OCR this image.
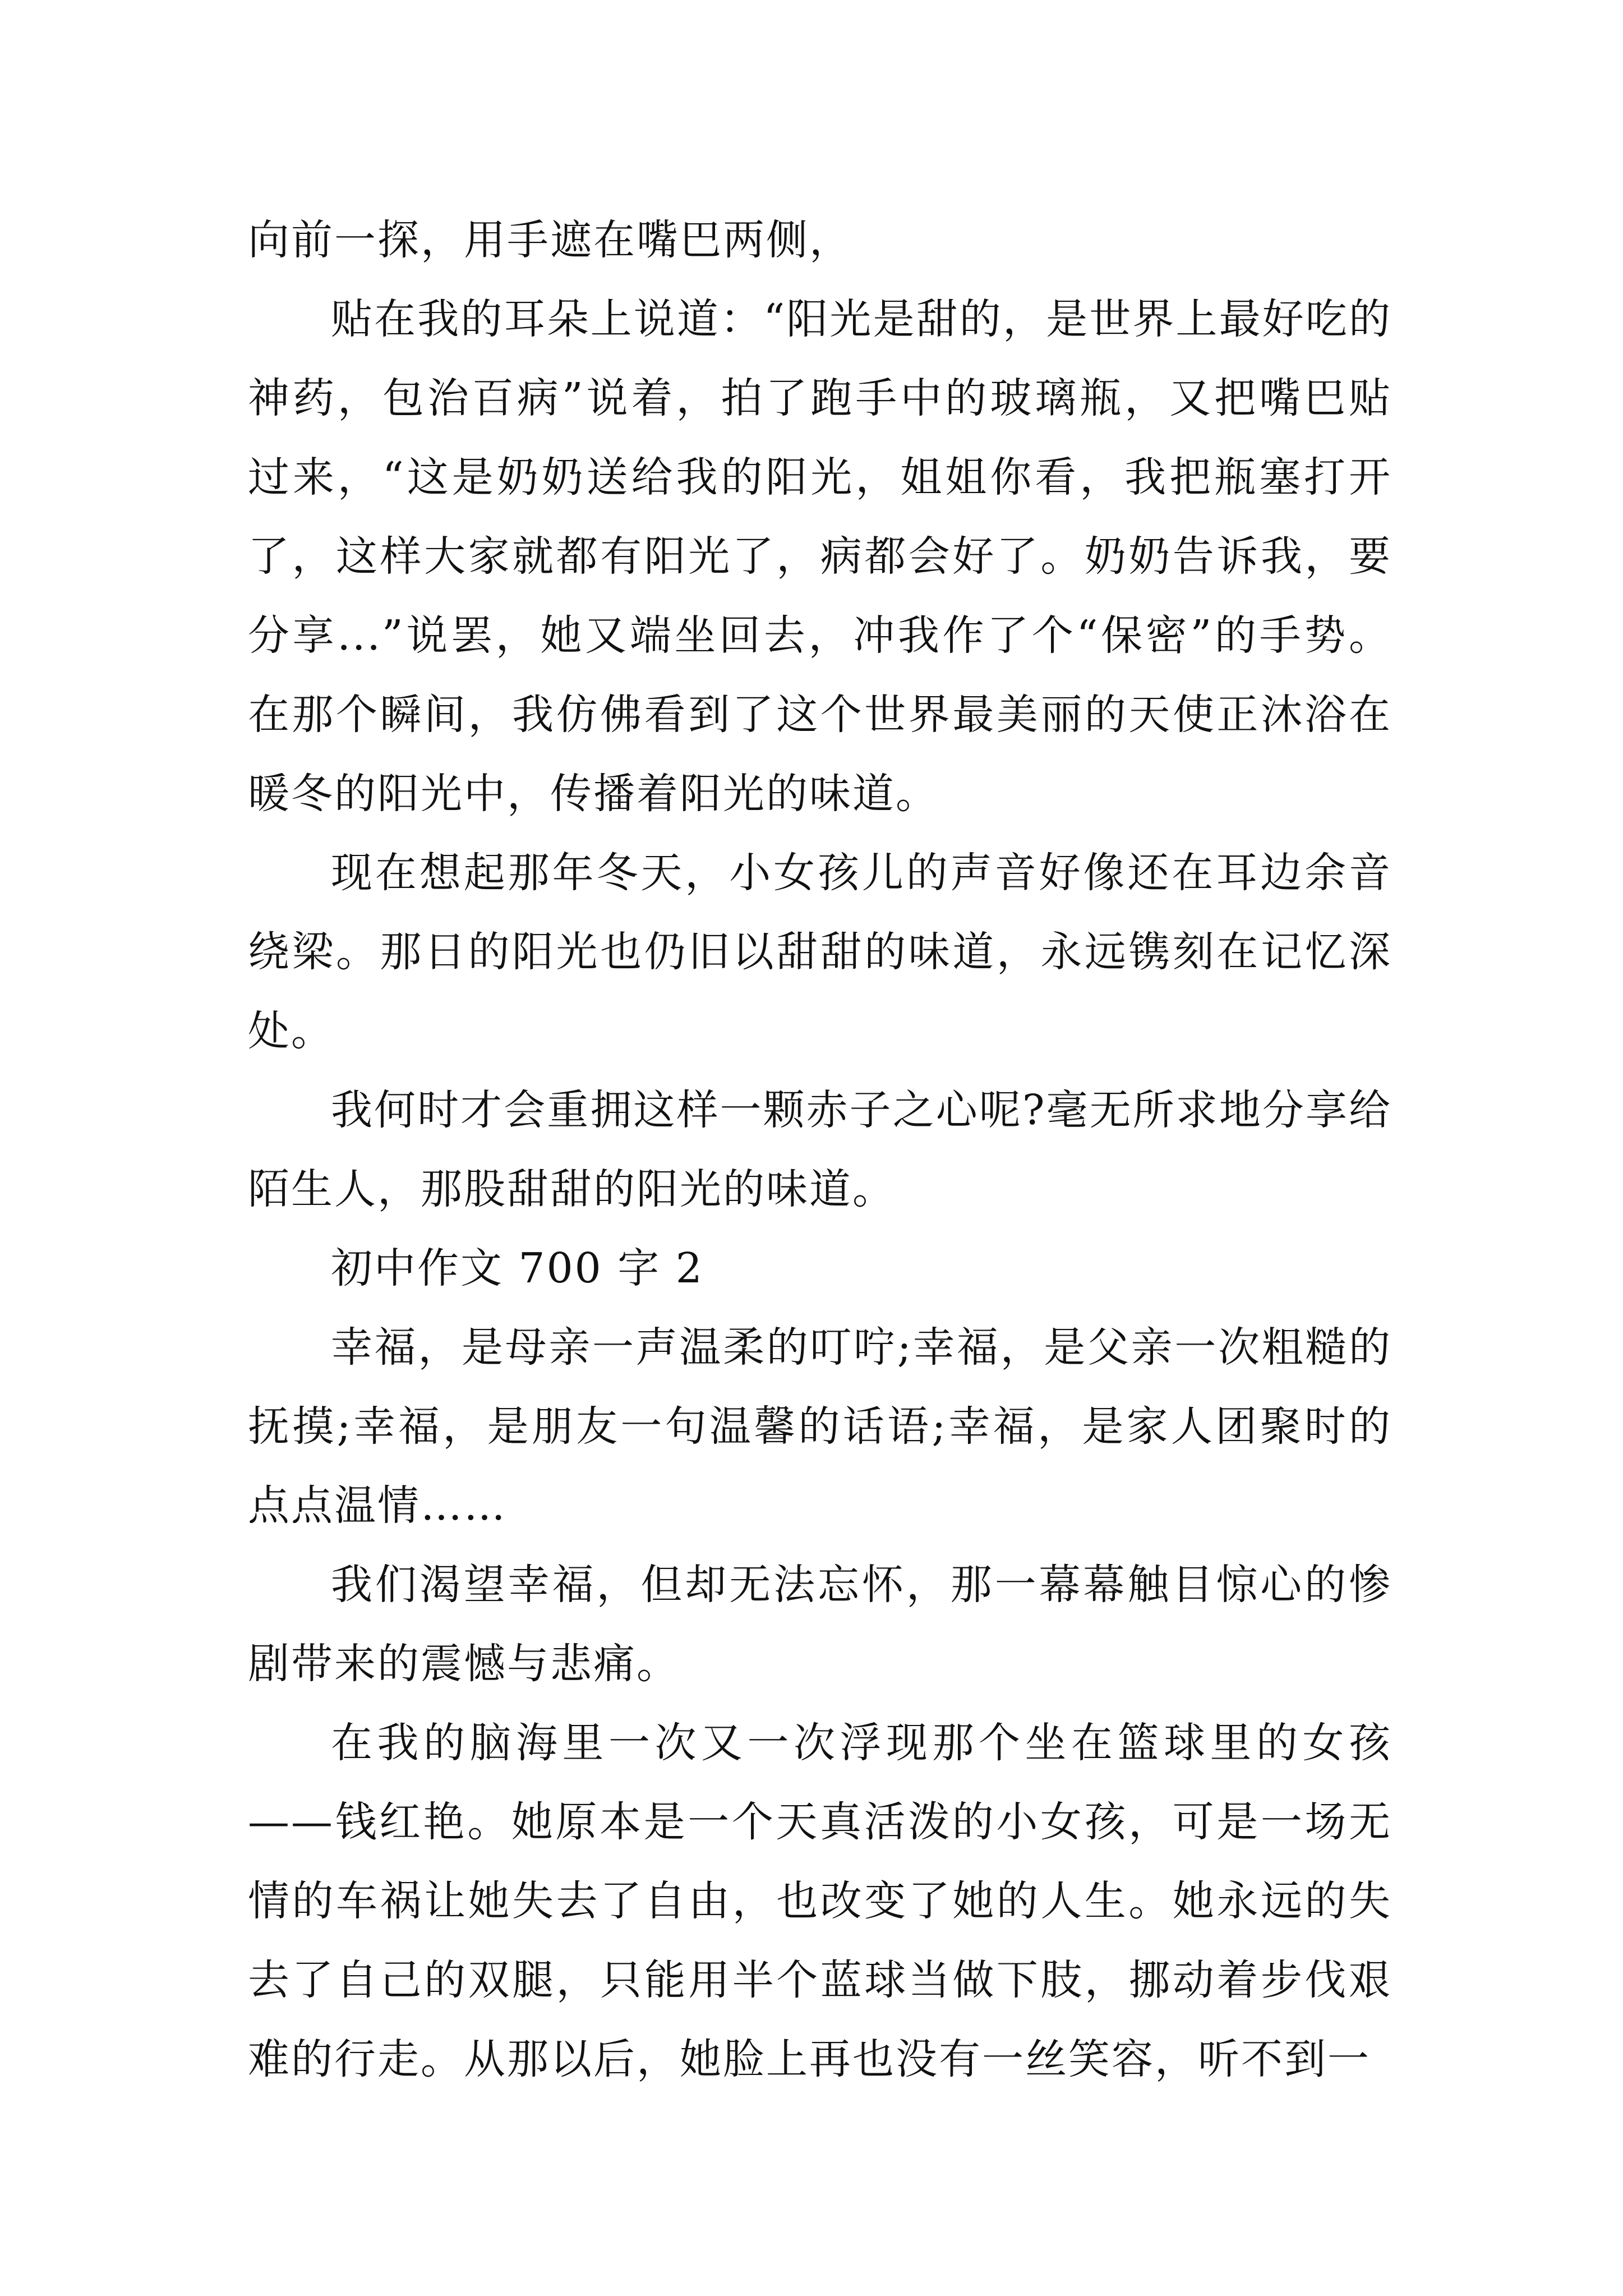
向前一探，用手遮在嘴巴两侧，

贴在我的耳朵上说道：“阳光是甜的，是世界上最好吃的神药，包治百病”说着，拍了跑手中的玻璃瓶，又把嘴巴贴过来，“这是奶奶送给我的阳光，姐姐你看，我把瓶塞打开了，这样大家就都有阳光了，病都会好了。奶奶告诉我，要分享...”说罢，她又端坐回去，冲我作了个“保密”的手势。在那个瞬间，我仿佛看到了这个世界最美丽的天使正沐浴在暖冬的阳光中，传播着阳光的味道。

现在想起那年冬天，小女孩儿的声音好像还在耳边余音绕梁。那日的阳光也仍旧以甜甜的味道，永远镌刻在记忆深处。

我何时才会重拥这样一颗赤子之心呢?毫无所求地分享给陌生人，那股甜甜的阳光的味道。

初中作文 700 字 2

幸福，是母亲一声温柔的叮咛;幸福，是父亲一次粗糙的抚摸;幸福，是朋友一句温馨的话语;幸福，是家人团聚时的点点温情……

我们渴望幸福，但却无法忘怀，那一幕幕触目惊心的惨剧带来的震憾与悲痛。

在我的脑海里一次又一次浮现那个坐在篮球里的女孩——钱红艳。她原本是一个天真活泼的小女孩，可是一场无情的车祸让她失去了自由，也改变了她的人生。她永远的失去了自己的双腿，只能用半个蓝球当做下肢，挪动着步伐艰难的行走。从那以后，她脸上再也没有一丝笑容，听不到一
